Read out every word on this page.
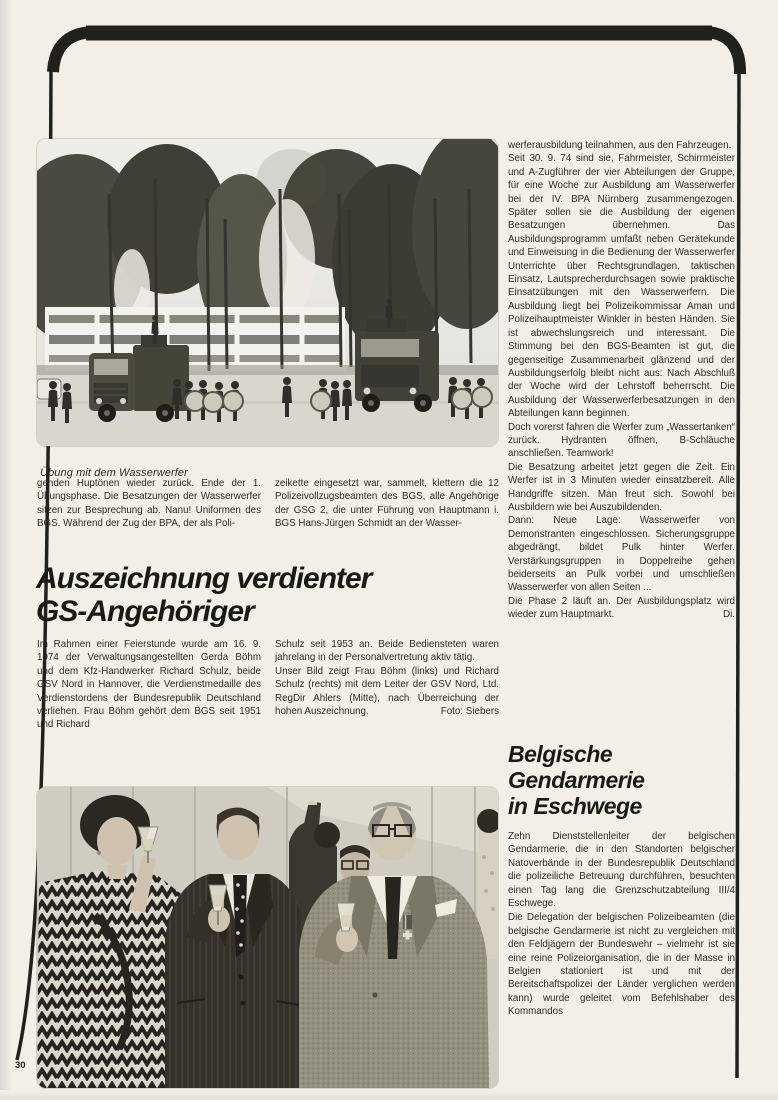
Übung mit dem Wasserwerfer

genden Huptönen wieder zurück. Ende der 1. Übungsphase. Die Besatzungen der Wasserwerfer sitzen zur Besprechung ab. Nanu! Uniformen des BGS. Während der Zug der BPA, der als Poli-

zeikette eingesetzt war, sammelt, klettern die 12 Polizeivollzugsbeamten des BGS, alle Angehörige der GSG 2, die unter Führung von Hauptmann i. BGS Hans-Jürgen Schmidt an der Wasser-

Auszeichnung verdienter
GS-Angehöriger

Im Rahmen einer Feierstunde wurde am 16. 9. 1974 der Verwaltungsangestellten Gerda Böhm und dem Kfz-Handwerker Richard Schulz, beide GSV Nord in Hannover, die Verdienstmedaille des Verdienstordens der Bundesrepublik Deutschland verliehen. Frau Böhm gehört dem BGS seit 1951 und Richard

Schulz seit 1953 an. Beide Bediensteten waren jahrelang in der Personalvertretung aktiv tätig.

Unser Bild zeigt Frau Böhm (links) und Richard Schulz (rechts) mit dem Leiter der GSV Nord, Ltd. RegDir Ahlers (Mitte), nach Überreichung der hohen Auszeichnung.	Foto: Siebers

werferausbildung teilnahmen, aus den Fahrzeugen.

Seit 30. 9. 74 sind sie, Fahrmeister, Schirrmeister und A-Zugführer der vier Abteilungen der Gruppe, für eine Woche zur Ausbildung am Wasserwerfer bei der IV. BPA Nürnberg zusammengezogen. Später sollen sie die Ausbildung der eigenen Besatzungen übernehmen. Das Ausbildungsprogramm umfaßt neben Gerätekunde und Einweisung in die Bedienung der Wasserwerfer Unterrichte über Rechtsgrundlagen, taktischen Einsatz, Lautsprecherdurchsagen sowie praktische Einsatzübungen mit den Wasserwerfern. Die Ausbildung liegt bei Polizeikommissar Aman und Polizeihauptmeister Winkler in besten Händen. Sie ist abwechslungsreich und interessant. Die Stimmung bei den BGS-Beamten ist gut, die gegenseitige Zusammenarbeit glänzend und der Ausbildungserfolg bleibt nicht aus: Nach Abschluß der Woche wird der Lehrstoff beherrscht. Die Ausbildung der Wasserwerferbesatzungen in den Abteilungen kann beginnen.

Doch vorerst fahren die Werfer zum „Wassertanken“ zurück. Hydranten öffnen, B-Schläuche anschließen. Teamwork!

Die Besatzung arbeitet jetzt gegen die Zeit. Ein Werfer ist in 3 Minuten wieder einsatzbereit. Alle Handgriffe sitzen. Man freut sich. Sowohl bei Ausbildern wie bei Auszubildenden.

Dann: Neue Lage: Wasserwerfer von Demonstranten eingeschlossen. Sicherungsgruppe abgedrängt, bildet Pulk hinter Werfer. Verstärkungsgruppen in Doppelreihe gehen beiderseits an Pulk vorbei und umschließen Wasserwerfer von allen Seiten ...

Die Phase 2 läuft an. Der Ausbildungsplatz wird wieder zum Hauptmarkt.	Di.

Belgische
Gendarmerie
in Eschwege

Zehn Dienststellenleiter der belgischen Gendarmerie, die in den Standorten belgischer Natoverbände in der Bundesrepublik Deutschland die polizeiliche Betreuung durchführen, besuchten einen Tag lang die Grenzschutzabteilung III/4 Eschwege.

Die Delegation der belgischen Polizeibeamten (die belgische Gendarmerie ist nicht zu vergleichen mit den Feldjägern der Bundeswehr – vielmehr ist sie eine reine Polizeiorganisation, die in der Masse in Belgien stationiert ist und mit der Bereitschaftspolizei der Länder verglichen werden kann) wurde geleitet vom Befehlshaber des Kommandos

30
